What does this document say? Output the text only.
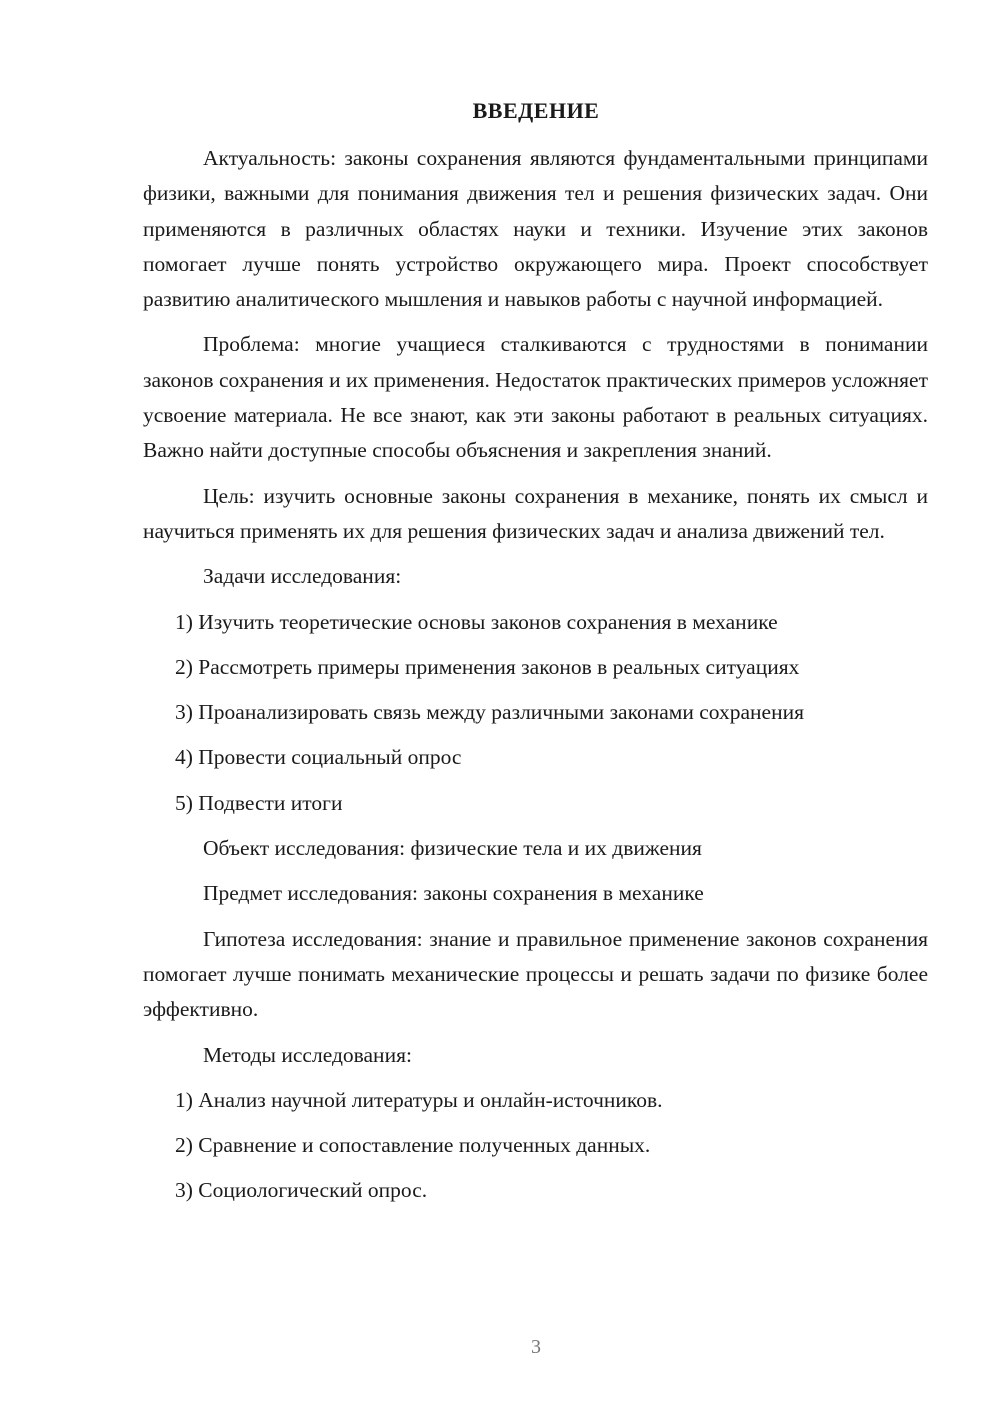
ВВЕДЕНИЕ

Актуальность: законы сохранения являются фундаментальными принципами физики, важными для понимания движения тел и решения физических задач. Они применяются в различных областях науки и техники. Изучение этих законов помогает лучше понять устройство окружающего мира. Проект способствует развитию аналитического мышления и навыков работы с научной информацией.

Проблема: многие учащиеся сталкиваются с трудностями в понимании законов сохранения и их применения. Недостаток практических примеров усложняет усвоение материала. Не все знают, как эти законы работают в реальных ситуациях. Важно найти доступные способы объяснения и закрепления знаний.

Цель: изучить основные законы сохранения в механике, понять их смысл и научиться применять их для решения физических задач и анализа движений тел.

Задачи исследования:

1) Изучить теоретические основы законов сохранения в механике
2) Рассмотреть примеры применения законов в реальных ситуациях
3) Проанализировать связь между различными законами сохранения
4) Провести социальный опрос
5) Подвести итоги

Объект исследования: физические тела и их движения

Предмет исследования: законы сохранения в механике

Гипотеза исследования: знание и правильное применение законов сохранения помогает лучше понимать механические процессы и решать задачи по физике более эффективно.

Методы исследования:

1) Анализ научной литературы и онлайн-источников.
2) Сравнение и сопоставление полученных данных.
3) Социологический опрос.
3
